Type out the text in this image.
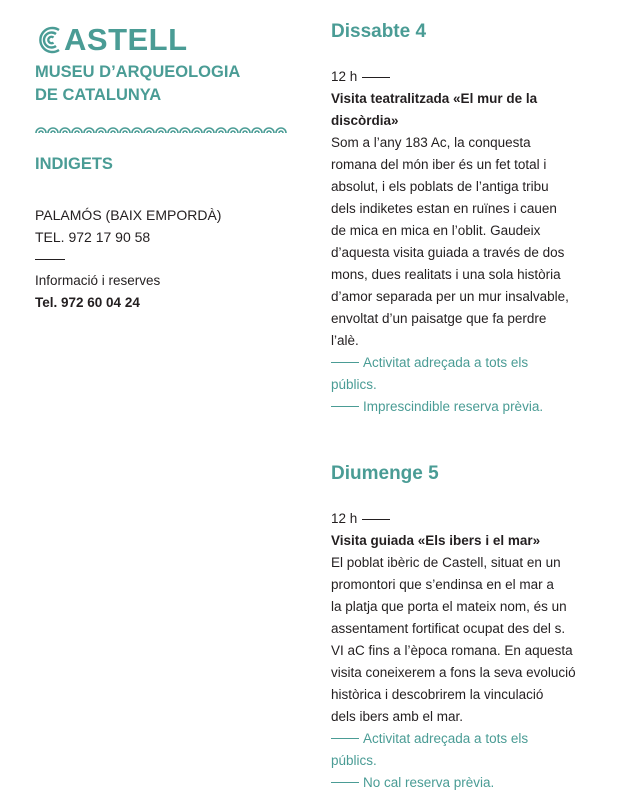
ASTELL
MUSEU D’ARQUEOLOGIA
DE CATALUNYA
INDIGETS
PALAMÓS (BAIX EMPORDÀ)
TEL. 972 17 90 58
Informació i reserves
Tel. 972 60 04 24
Dissabte 4
12 h
Visita teatralitzada «El mur de la
discòrdia»
Som a l’any 183 Ac, la conquesta
romana del món iber és un fet total i
absolut, i els poblats de l’antiga tribu
dels indiketes estan en ruïnes i cauen
de mica en mica en l’oblit. Gaudeix
d’aquesta visita guiada a través de dos
mons, dues realitats i una sola història
d’amor separada per un mur insalvable,
envoltat d’un paisatge que fa perdre
l’alè.
Activitat adreçada a tots els
públics.
Imprescindible reserva prèvia.
Diumenge 5
12 h
Visita guiada «Els ibers i el mar»
El poblat ibèric de Castell, situat en un
promontori que s’endinsa en el mar a
la platja que porta el mateix nom, és un
assentament fortificat ocupat des del s.
VI aC fins a l’època romana. En aquesta
visita coneixerem a fons la seva evolució
històrica i descobrirem la vinculació
dels ibers amb el mar.
Activitat adreçada a tots els
públics.
No cal reserva prèvia.
